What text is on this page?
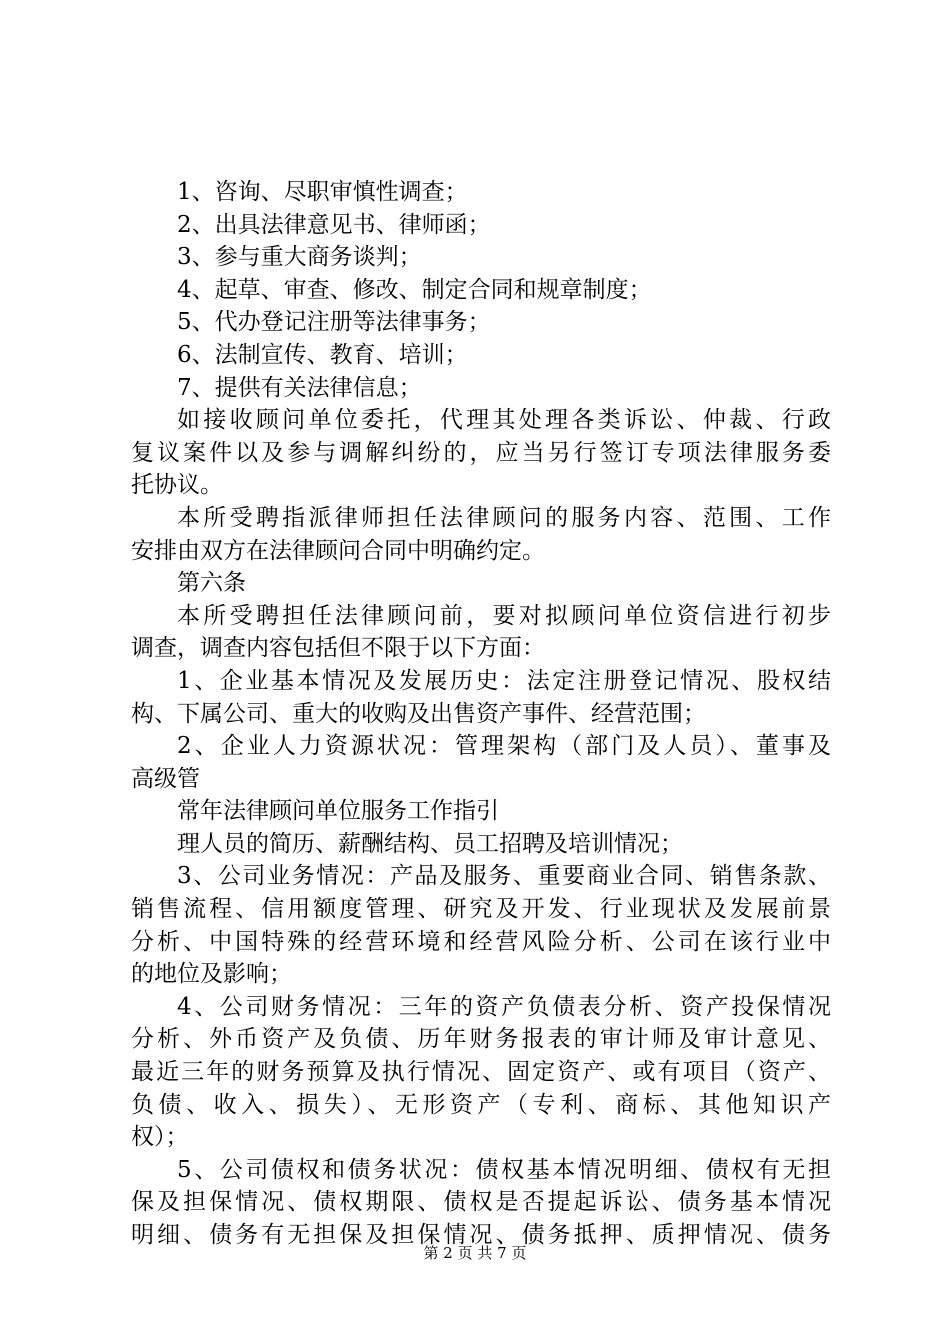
1、咨询、尽职审慎性调查；
2、出具法律意见书、律师函；
3、参与重大商务谈判；
4、起草、审查、修改、制定合同和规章制度；
5、代办登记注册等法律事务；
6、法制宣传、教育、培训；
7、提供有关法律信息；
如接收顾问单位委托，代理其处理各类诉讼、仲裁、行政
复议案件以及参与调解纠纷的，应当另行签订专项法律服务委
托协议。
本所受聘指派律师担任法律顾问的服务内容、范围、工作
安排由双方在法律顾问合同中明确约定。
第六条
本所受聘担任法律顾问前，要对拟顾问单位资信进行初步
调查，调查内容包括但不限于以下方面：
1、企业基本情况及发展历史：法定注册登记情况、股权结
构、下属公司、重大的收购及出售资产事件、经营范围；
2、企业人力资源状况：管理架构（部门及人员）、董事及
高级管
常年法律顾问单位服务工作指引
理人员的简历、薪酬结构、员工招聘及培训情况；
3、公司业务情况：产品及服务、重要商业合同、销售条款、
销售流程、信用额度管理、研究及开发、行业现状及发展前景
分析、中国特殊的经营环境和经营风险分析、公司在该行业中
的地位及影响；
4、公司财务情况：三年的资产负债表分析、资产投保情况
分析、外币资产及负债、历年财务报表的审计师及审计意见、
最近三年的财务预算及执行情况、固定资产、或有项目（资产、
负债、收入、损失）、无形资产（专利、商标、其他知识产
权）；
5、公司债权和债务状况：债权基本情况明细、债权有无担
保及担保情况、债权期限、债权是否提起诉讼、债务基本情况
明细、债务有无担保及担保情况、债务抵押、质押情况、债务
第 2 页 共 7 页
